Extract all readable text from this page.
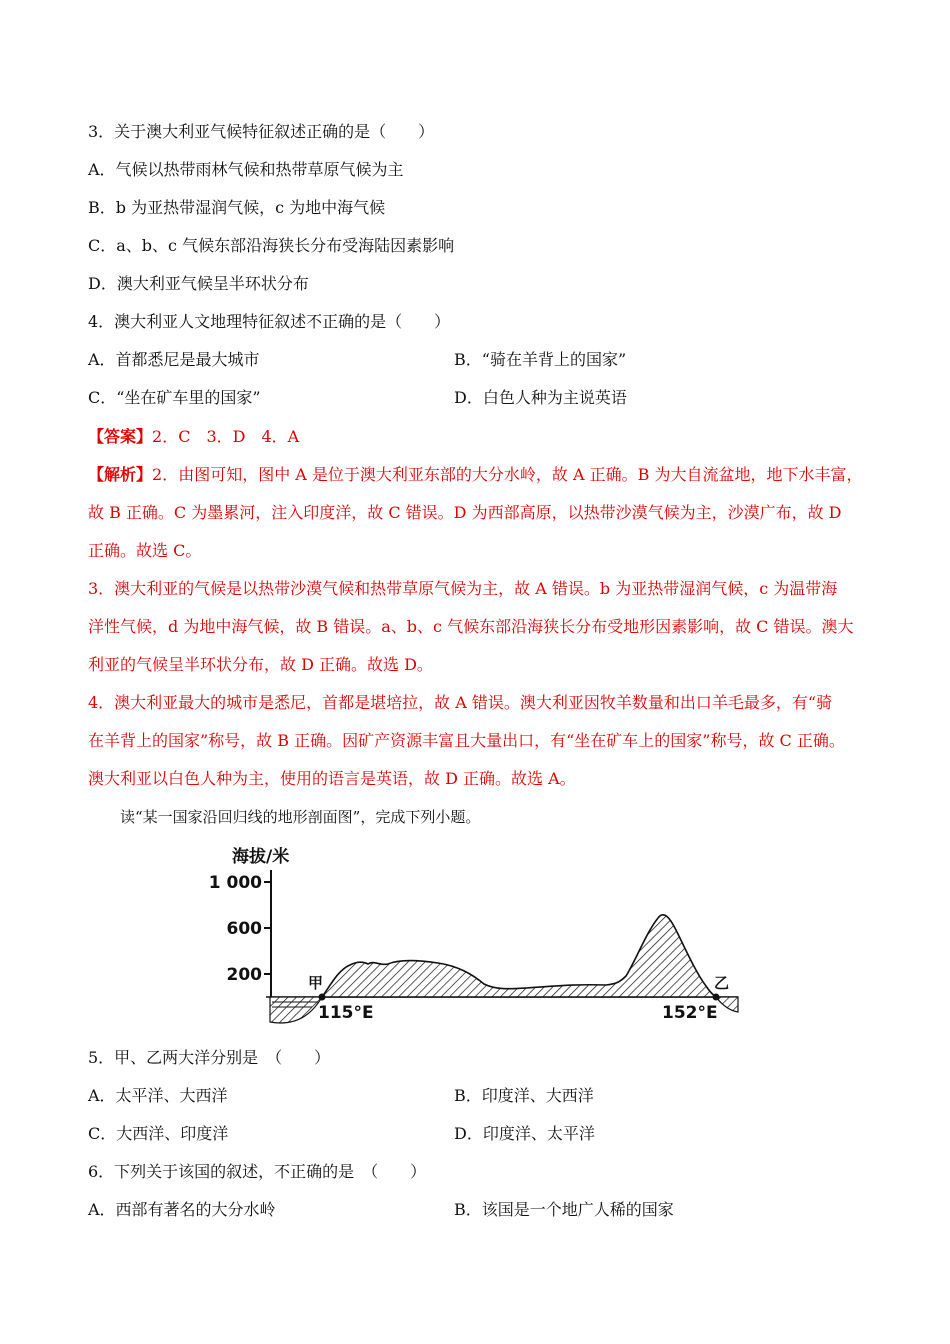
3．关于澳大利亚气候特征叙述正确的是（　　）
A．气候以热带雨林气候和热带草原气候为主
B．b 为亚热带湿润气候，c 为地中海气候
C．a、b、c 气候东部沿海狭长分布受海陆因素影响
D．澳大利亚气候呈半环状分布
4．澳大利亚人文地理特征叙述不正确的是（　　）
A．首都悉尼是最大城市	B．“骑在羊背上的国家”
C．“坐在矿车里的国家”	D．白色人种为主说英语
【答案】2．C　3．D　4．A
【解析】2．由图可知，图中 A 是位于澳大利亚东部的大分水岭，故 A 正确。B 为大自流盆地，地下水丰富，
故 B 正确。C 为墨累河，注入印度洋，故 C 错误。D 为西部高原，以热带沙漠气候为主，沙漠广布，故 D
正确。故选 C。
3．澳大利亚的气候是以热带沙漠气候和热带草原气候为主，故 A 错误。b 为亚热带湿润气候，c 为温带海
洋性气候，d 为地中海气候，故 B 错误。a、b、c 气候东部沿海狭长分布受地形因素影响，故 C 错误。澳大
利亚的气候呈半环状分布，故 D 正确。故选 D。
4．澳大利亚最大的城市是悉尼，首都是堪培拉，故 A 错误。澳大利亚因牧羊数量和出口羊毛最多，有“骑
在羊背上的国家”称号，故 B 正确。因矿产资源丰富且大量出口，有“坐在矿车上的国家”称号，故 C 正确。
澳大利亚以白色人种为主，使用的语言是英语，故 D 正确。故选 A。
读“某一国家沿回归线的地形剖面图”，完成下列小题。
海拔/米
1 000
600
200	甲	乙
115°E	152°E
5．甲、乙两大洋分别是　（　　）
A．太平洋、大西洋	B．印度洋、大西洋
C．大西洋、印度洋	D．印度洋、太平洋
6．下列关于该国的叙述，不正确的是　（　　）
A．西部有著名的大分水岭	B．该国是一个地广人稀的国家
